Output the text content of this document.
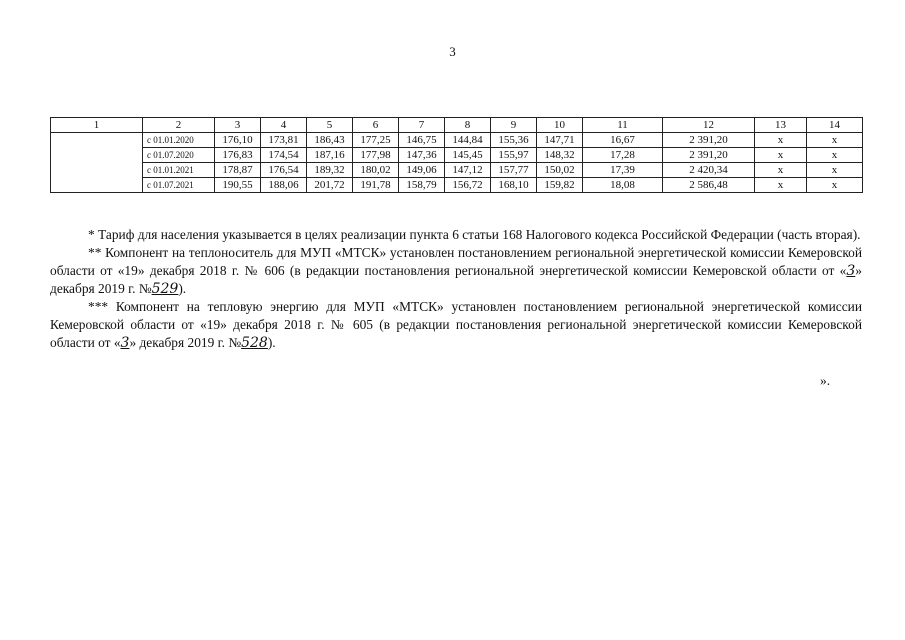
3
1	2	3	4	5	6	7	8	9	10	11	12	13	14
	с 01.01.2020	176,10	173,81	186,43	177,25	146,75	144,84	155,36	147,71	16,67	2 391,20	х	х
	с 01.07.2020	176,83	174,54	187,16	177,98	147,36	145,45	155,97	148,32	17,28	2 391,20	х	х
	с 01.01.2021	178,87	176,54	189,32	180,02	149,06	147,12	157,77	150,02	17,39	2 420,34	х	х
	с 01.07.2021	190,55	188,06	201,72	191,78	158,79	156,72	168,10	159,82	18,08	2 586,48	х	х

* Тариф для населения указывается в целях реализации пункта 6 статьи 168 Налогового кодекса Российской Федерации (часть вторая).

** Компонент на теплоноситель для МУП «МТСК» установлен постановлением региональной энергетической комиссии Кемеровской области от «19» декабря 2018 г. № 606 (в редакции постановления региональной энергетической комиссии Кемеровской области от «3» декабря 2019 г. №529).

*** Компонент на тепловую энергию для МУП «МТСК» установлен постановлением региональной энергетической комиссии Кемеровской области от «19» декабря 2018 г. № 605 (в редакции постановления региональной энергетической комиссии Кемеровской области от «3» декабря 2019 г. №528).

».
